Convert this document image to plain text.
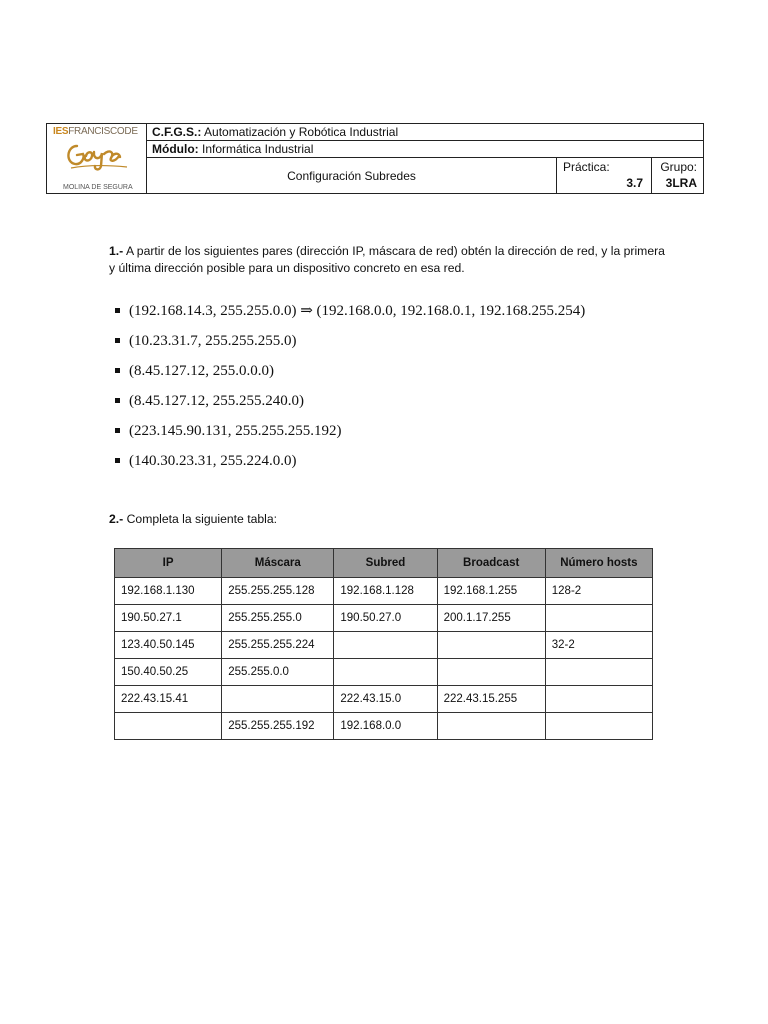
IESFRANCISCODE
MOLINA DE SEGURA
C.F.G.S.: Automatización y Robótica Industrial
Módulo: Informática Industrial
Configuración Subredes
Práctica:
3.7
Grupo:
3LRA
1.- A partir de los siguientes pares (dirección IP, máscara de red) obtén la dirección de red, y la primera y última dirección posible para un dispositivo concreto en esa red.
(192.168.14.3, 255.255.0.0) ⇒ (192.168.0.0, 192.168.0.1, 192.168.255.254)
(10.23.31.7, 255.255.255.0)
(8.45.127.12, 255.0.0.0)
(8.45.127.12, 255.255.240.0)
(223.145.90.131, 255.255.255.192)
(140.30.23.31, 255.224.0.0)
2.- Completa la siguiente tabla:
IP	Máscara	Subred	Broadcast	Número hosts
192.168.1.130	255.255.255.128	192.168.1.128	192.168.1.255	128-2
190.50.27.1	255.255.255.0	190.50.27.0	200.1.17.255	
123.40.50.145	255.255.255.224			32-2
150.40.50.25	255.255.0.0			
222.43.15.41		222.43.15.0	222.43.15.255	
	255.255.255.192	192.168.0.0		
